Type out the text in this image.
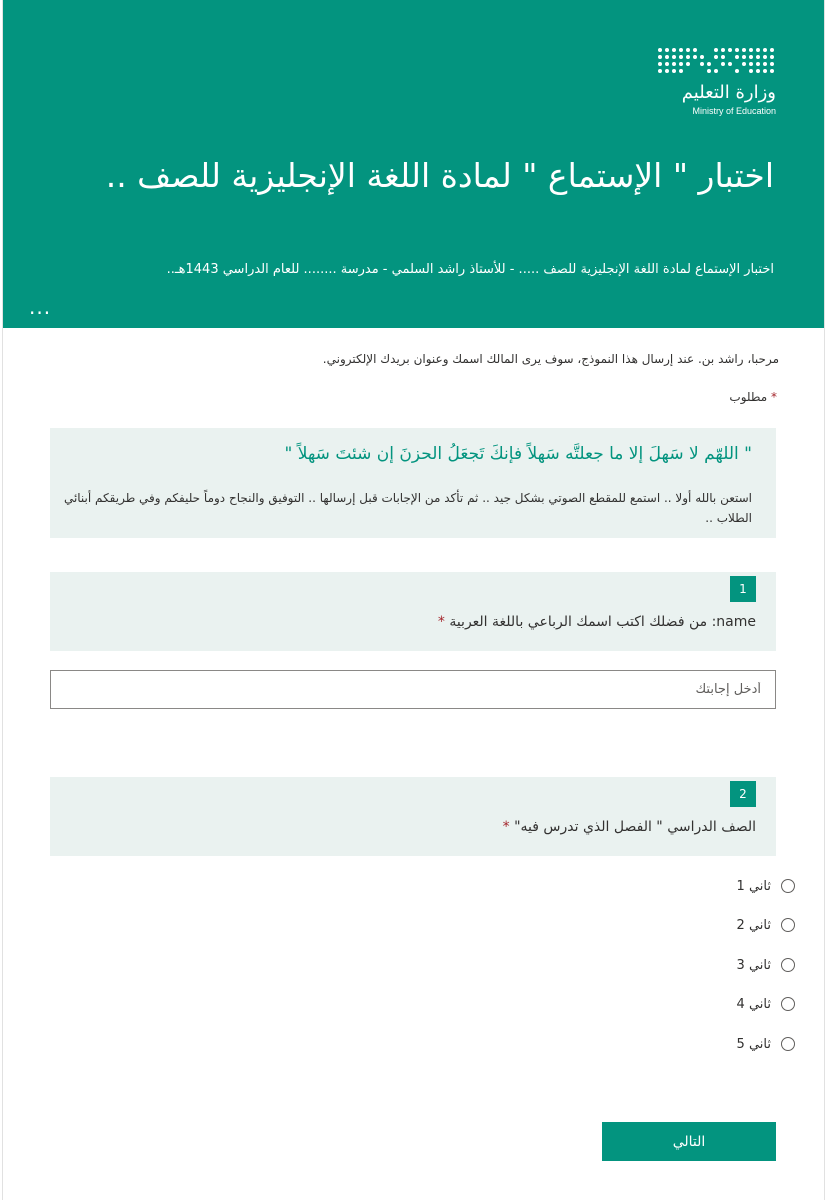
وزارة التعليم
Ministry of Education
اختبار " الإستماع " لمادة اللغة الإنجليزية للصف ..
اختبار الإستماع لمادة اللغة الإنجليزية للصف ..... - للأستاذ راشد السلمي - مدرسة ........ للعام الدراسي 1443هـ..
...
مرحبا، راشد بن. عند إرسال هذا النموذج، سوف يرى المالك اسمك وعنوان بريدك الإلكتروني.
* مطلوب
" اللهّم لا سَهلَ إلا ما جعلتَّه سَهلاً فإنكَ تَجعَلُ الحزنَ إن شئتَ سَهلاً "
استعن بالله أولا .. استمع للمقطع الصوتي بشكل جيد .. ثم تأكد من الإجابات قبل إرسالها .. التوفيق والنجاح دوماً حليفكم وفي طريقكم أبنائي الطلاب ..
1
name: من فضلك اكتب اسمك الرباعي باللغة العربية *
أدخل إجابتك
2
الصف الدراسي " الفصل الذي تدرس فيه" *
ثاني 1
ثاني 2
ثاني 3
ثاني 4
ثاني 5
التالي
